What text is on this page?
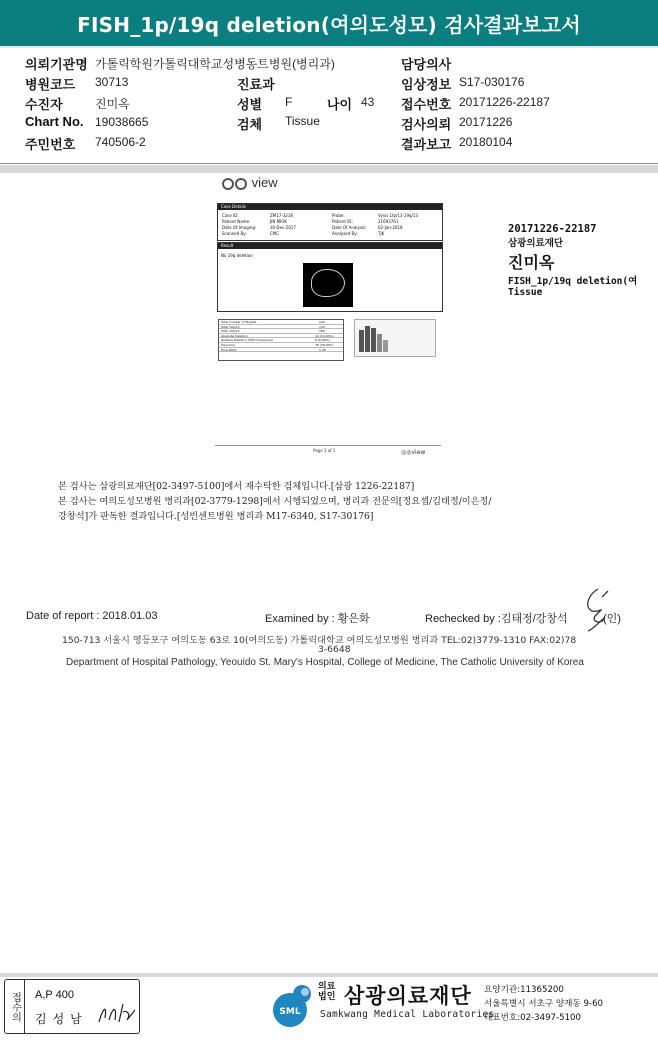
FISH_1p/19q deletion(여의도성모) 검사결과보고서
의뢰기관명 가톨릭학원가톨릭대학교성병동트병원(병리과)	담당의사
병원코드 30713	진료과	임상정보 S17-030176
수진자	진미옥	성별 F	나이 43 접수번호 20171226-22187
Chart No. 19038665	검체 Tissue	검사의뢰 20171226
주민번호 740506-2	결과보고 20180104
view
Case Details
Case ID:	ZM17-3218	Probe:	Vysis 1fp/13-19q/13
Patient Name:	JIN MIOK	Patient ID:	21693761
Date Of Imaging:	30-Dec-2017	Date Of Analysis:	02-Jan-2018
Scanned By:	CMC	Analysed By:	TJK
Result
No 19q deletion
Total number of Targets	100
Total 19p/13	130
Total 19q/13	180
Absolute Deletion	14 (14.00%)
Relative Deletion (FISH Imbalance)	6 (6.00%)
Polysomy	78 (78.00%)
Final Ratio	1.38
Page 1 of 1	◎◎view
20171226-22187
삼광의료재단
진미옥
FISH_1p/19q deletion(여
Tissue
본 검사는 삼광의료재단[02-3497-5100]에서 재수탁한 검체입니다.[삼광 1226-22187]
본 검사는 여의도성모병원 병리과[02-3779-1298]에서 시행되었으며, 병리과 전문의[정요셉/김태정/이은정/
강창석]가 판독한 결과입니다.[성빈센트병원 병리과 M17-6340, S17-30176]
Date of report : 2018.01.03	Examined by : 황은화	Rechecked by :김태정/강창석	(인)
150-713 서울시 영등포구 여의도동 63로 10(여의도동) 가톨릭대학교 여의도성모병원 병리과 TEL:02)3779-1310 FAX:02)78
3-6648
Department of Hospital Pathology, Yeouido St. Mary's Hospital, College of Medicine, The Catholic University of Korea
접수의 A,P 400
김성남	SML
의료
법인 삼광의료재단
Samkwang Medical Laboratories
요양기관:11365200
서울특별시 서초구 양재동 9-60
대표번호:02-3497-5100
